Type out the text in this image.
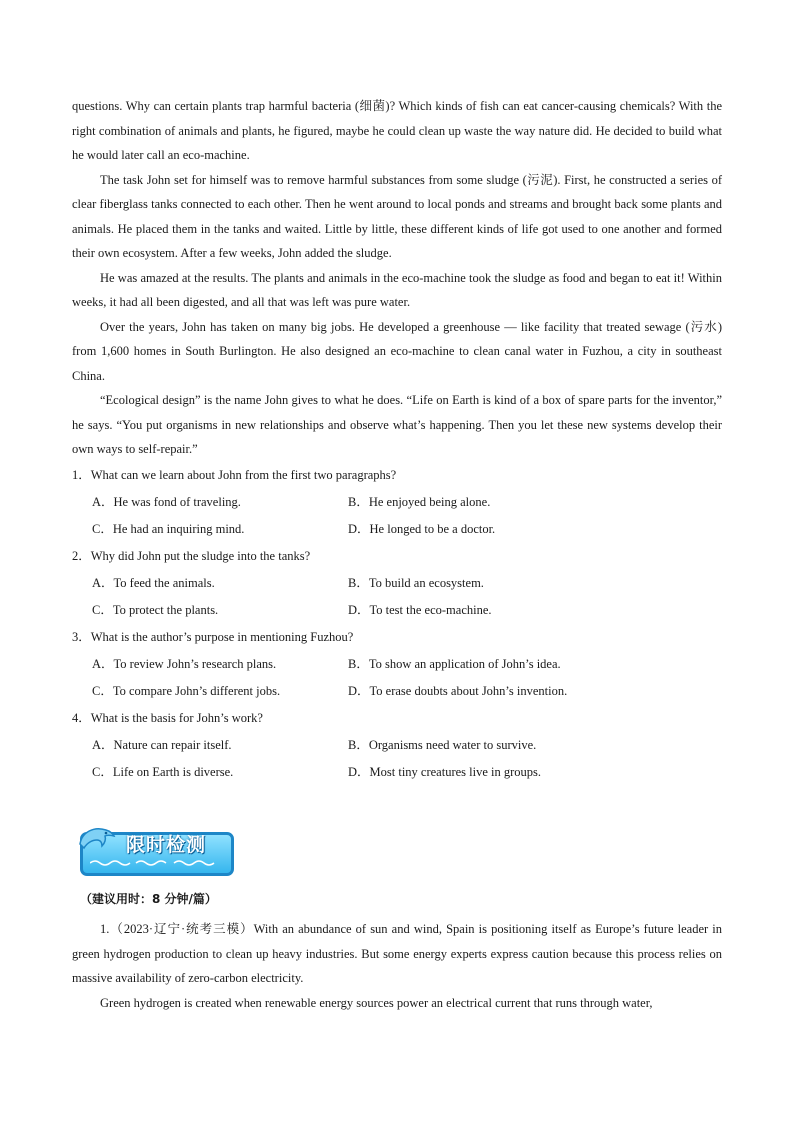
questions. Why can certain plants trap harmful bacteria (细菌)? Which kinds of fish can eat cancer-causing chemicals? With the right combination of animals and plants, he figured, maybe he could clean up waste the way nature did. He decided to build what he would later call an eco-machine.

The task John set for himself was to remove harmful substances from some sludge (污泥). First, he constructed a series of clear fiberglass tanks connected to each other. Then he went around to local ponds and streams and brought back some plants and animals. He placed them in the tanks and waited. Little by little, these different kinds of life got used to one another and formed their own ecosystem. After a few weeks, John added the sludge.

He was amazed at the results. The plants and animals in the eco-machine took the sludge as food and began to eat it! Within weeks, it had all been digested, and all that was left was pure water.

Over the years, John has taken on many big jobs. He developed a greenhouse — like facility that treated sewage (污水) from 1,600 homes in South Burlington. He also designed an eco-machine to clean canal water in Fuzhou, a city in southeast China.

“Ecological design” is the name John gives to what he does. “Life on Earth is kind of a box of spare parts for the inventor,” he says. “You put organisms in new relationships and observe what’s happening. Then you let these new systems develop their own ways to self-repair.”

1．What can we learn about John from the first two paragraphs?

A．He was fond of traveling.	B．He enjoyed being alone.
C．He had an inquiring mind.	D．He longed to be a doctor.

2．Why did John put the sludge into the tanks?

A．To feed the animals.	B．To build an ecosystem.
C．To protect the plants.	D．To test the eco-machine.

3．What is the author’s purpose in mentioning Fuzhou?

A．To review John’s research plans.	B．To show an application of John’s idea.
C．To compare John’s different jobs.	D．To erase doubts about John’s invention.

4．What is the basis for John’s work?

A．Nature can repair itself.	B．Organisms need water to survive.
C．Life on Earth is diverse.	D．Most tiny creatures live in groups.
限时检测
（建议用时：8 分钟/篇）

1.（2023·辽宁·统考三模）With an abundance of sun and wind, Spain is positioning itself as Europe’s future leader in green hydrogen production to clean up heavy industries. But some energy experts express caution because this process relies on massive availability of zero-carbon electricity.

Green hydrogen is created when renewable energy sources power an electrical current that runs through water,
